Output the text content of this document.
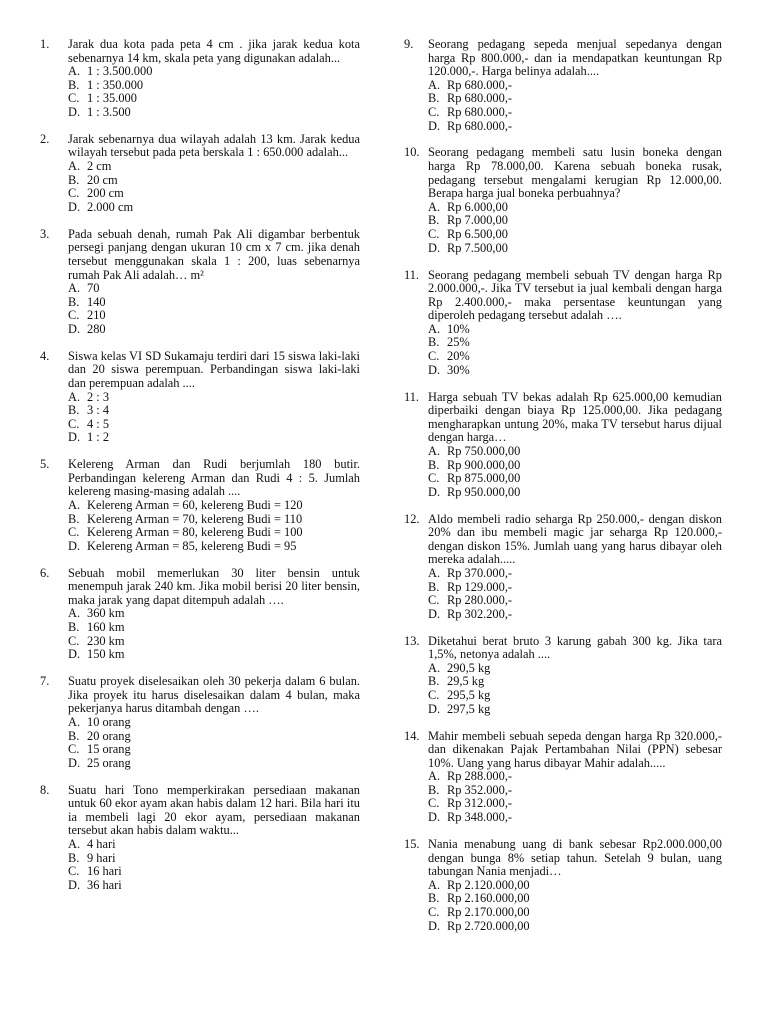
1.	Jarak dua kota pada peta 4 cm . jika jarak kedua kota sebenarnya 14 km, skala peta yang digunakan adalah...
A. 1 : 3.500.000
B. 1 : 350.000
C. 1 : 35.000
D. 1 : 3.500
2.	Jarak sebenarnya dua wilayah adalah 13 km. Jarak kedua wilayah tersebut pada peta berskala 1 : 650.000 adalah...
A. 2 cm
B. 20 cm
C. 200 cm
D. 2.000 cm
3.	Pada sebuah denah, rumah Pak Ali digambar berbentuk persegi panjang dengan ukuran 10 cm x 7 cm. jika denah tersebut menggunakan skala 1 : 200, luas sebenarnya rumah Pak Ali adalah… m²
A. 70
B. 140
C. 210
D. 280
4.	Siswa kelas VI SD Sukamaju terdiri dari 15 siswa laki-laki dan 20 siswa perempuan. Perbandingan siswa laki-laki dan perempuan adalah ....
A. 2 : 3
B. 3 : 4
C. 4 : 5
D. 1 : 2
5.	Kelereng Arman dan Rudi berjumlah 180 butir. Perbandingan kelereng Arman dan Rudi 4 : 5. Jumlah kelereng masing-masing adalah ....
A. Kelereng Arman = 60, kelereng Budi = 120
B. Kelereng Arman = 70, kelereng Budi = 110
C. Kelereng Arman = 80, kelereng Budi = 100
D. Kelereng Arman = 85, kelereng Budi = 95
6.	Sebuah mobil memerlukan 30 liter bensin untuk menempuh jarak 240 km. Jika mobil berisi 20 liter bensin, maka jarak yang dapat ditempuh adalah ….
A. 360 km
B. 160 km
C. 230 km
D. 150 km
7.	Suatu proyek diselesaikan oleh 30 pekerja dalam 6 bulan. Jika proyek itu harus diselesaikan dalam 4 bulan, maka pekerjanya harus ditambah dengan ….
A. 10 orang
B. 20 orang
C. 15 orang
D. 25 orang
8.	Suatu hari Tono memperkirakan persediaan makanan untuk 60 ekor ayam akan habis dalam 12 hari. Bila hari itu ia membeli lagi 20 ekor ayam, persediaan makanan tersebut akan habis dalam waktu...
A. 4 hari
B. 9 hari
C. 16 hari
D. 36 hari
9.	Seorang pedagang sepeda menjual sepedanya dengan harga Rp 800.000,- dan ia mendapatkan keuntungan Rp 120.000,-. Harga belinya adalah....
A. Rp 680.000,-
B. Rp 680.000,-
C. Rp 680.000,-
D. Rp 680.000,-
10. Seorang pedagang membeli satu lusin boneka dengan harga Rp 78.000,00. Karena sebuah boneka rusak, pedagang tersebut mengalami kerugian Rp 12.000,00. Berapa harga jual boneka perbuahnya?
A. Rp 6.000,00
B. Rp 7.000,00
C. Rp 6.500,00
D. Rp 7.500,00
11. Seorang pedagang membeli sebuah TV dengan harga Rp 2.000.000,-. Jika TV tersebut ia jual kembali dengan harga Rp 2.400.000,- maka persentase keuntungan yang diperoleh pedagang tersebut adalah ….
A. 10%
B. 25%
C. 20%
D. 30%
11. Harga sebuah TV bekas adalah Rp 625.000,00 kemudian diperbaiki dengan biaya Rp 125.000,00. Jika pedagang mengharapkan untung 20%, maka TV tersebut harus dijual dengan harga…
A. Rp 750.000,00
B. Rp 900.000,00
C. Rp 875.000,00
D. Rp 950.000,00
12. Aldo membeli radio seharga Rp 250.000,- dengan diskon 20% dan ibu membeli magic jar seharga Rp 120.000,- dengan diskon 15%. Jumlah uang yang harus dibayar oleh mereka adalah.....
A. Rp 370.000,-
B. Rp 129.000,-
C. Rp 280.000,-
D. Rp 302.200,-
13. Diketahui berat bruto 3 karung gabah 300 kg. Jika tara 1,5%, netonya adalah ....
A. 290,5 kg
B. 29,5 kg
C. 295,5 kg
D. 297,5 kg
14. Mahir membeli sebuah sepeda dengan harga Rp 320.000,- dan dikenakan Pajak Pertambahan Nilai (PPN) sebesar 10%. Uang yang harus dibayar Mahir adalah.....
A. Rp 288.000,-
B. Rp 352.000,-
C. Rp 312.000,-
D. Rp 348.000,-
15. Nania menabung uang di bank sebesar Rp2.000.000,00 dengan bunga 8% setiap tahun. Setelah 9 bulan, uang tabungan Nania menjadi…
A. Rp 2.120.000,00
B. Rp 2.160.000,00
C. Rp 2.170.000,00
D. Rp 2.720.000,00
